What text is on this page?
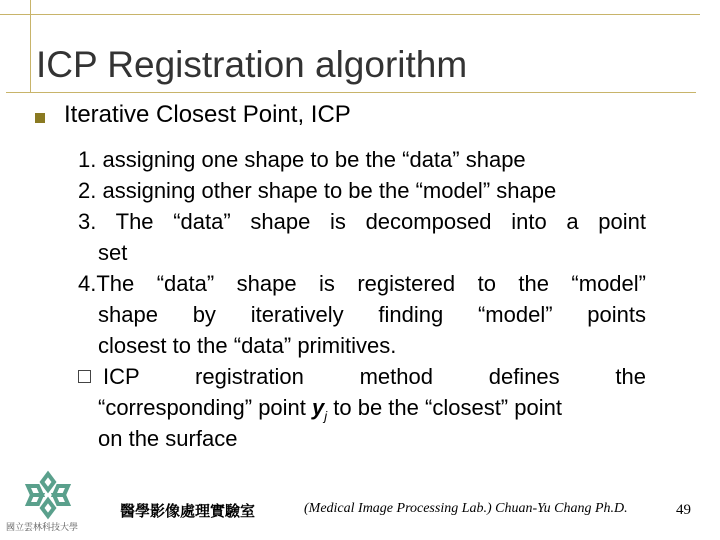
ICP Registration algorithm
Iterative Closest Point, ICP
1. assigning one shape to be the “data” shape
2. assigning other shape to be the “model” shape
3. The “data” shape is decomposed into a point
set
4.The “data” shape is registered to the “model”
shape by iteratively finding “model” points
closest to the “data” primitives.
ICP registration method defines the
“corresponding” point $y_j$ to be the “closest” point
on the surface
國立雲林科技大學
醫學影像處理實驗室	(Medical Image Processing Lab.) Chuan-Yu Chang Ph.D.	49
